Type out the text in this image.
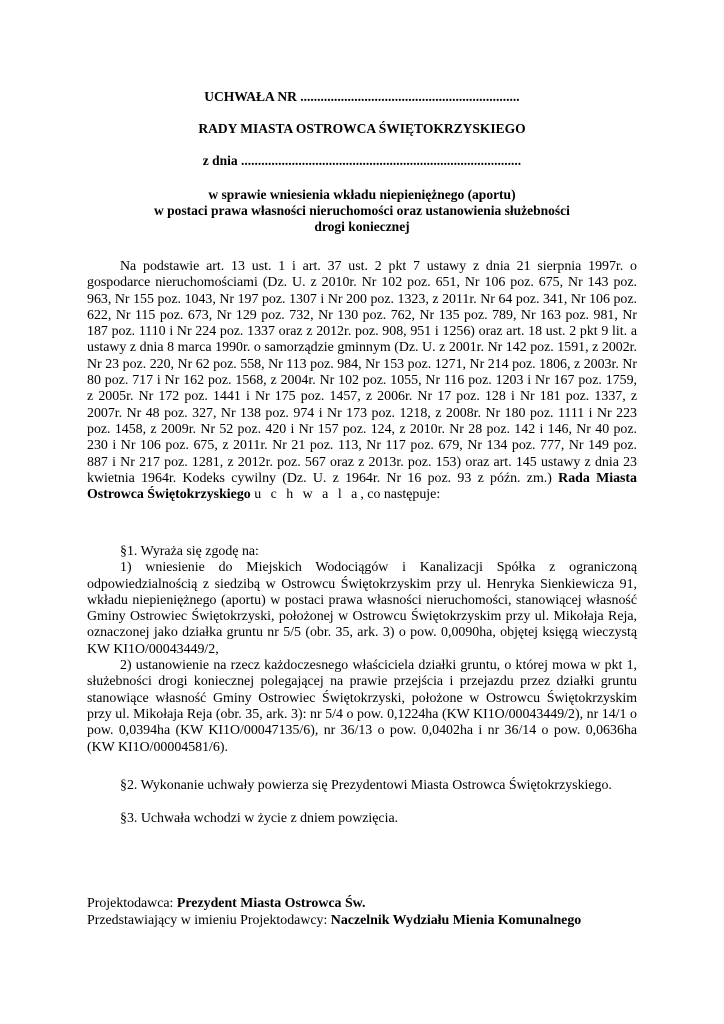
UCHWAŁA NR .................................................................
RADY MIASTA OSTROWCA ŚWIĘTOKRZYSKIEGO
z dnia ...................................................................................
w sprawie wniesienia wkładu niepieniężnego (aportu)
w postaci prawa własności nieruchomości oraz ustanowienia służebności
drogi koniecznej

Na podstawie art. 13 ust. 1 i art. 37 ust. 2 pkt 7 ustawy z dnia 21 sierpnia 1997r. o gospodarce nieruchomościami (Dz. U. z 2010r. Nr 102 poz. 651, Nr 106 poz. 675, Nr 143 poz. 963, Nr 155 poz. 1043, Nr 197 poz. 1307 i Nr 200 poz. 1323, z 2011r. Nr 64 poz. 341, Nr 106 poz. 622, Nr 115 poz. 673, Nr 129 poz. 732, Nr 130 poz. 762, Nr 135 poz. 789, Nr 163 poz. 981, Nr 187 poz. 1110 i Nr 224 poz. 1337 oraz z 2012r. poz. 908, 951 i 1256) oraz art. 18 ust. 2 pkt 9 lit. a ustawy z dnia 8 marca 1990r. o samorządzie gminnym (Dz. U. z 2001r. Nr 142 poz. 1591, z 2002r. Nr 23 poz. 220, Nr 62 poz. 558, Nr 113 poz. 984, Nr 153 poz. 1271, Nr 214 poz. 1806, z 2003r. Nr 80 poz. 717 i Nr 162 poz. 1568, z 2004r. Nr 102 poz. 1055, Nr 116 poz. 1203 i Nr 167 poz. 1759, z 2005r. Nr 172 poz. 1441 i Nr 175 poz. 1457, z 2006r. Nr 17 poz. 128 i Nr 181 poz. 1337, z 2007r. Nr 48 poz. 327, Nr 138 poz. 974 i Nr 173 poz. 1218, z 2008r. Nr 180 poz. 1111 i Nr 223 poz. 1458, z 2009r. Nr 52 poz. 420 i Nr 157 poz. 124, z 2010r. Nr 28 poz. 142 i 146, Nr 40 poz. 230 i Nr 106 poz. 675, z 2011r. Nr 21 poz. 113, Nr 117 poz. 679, Nr 134 poz. 777, Nr 149 poz. 887 i Nr 217 poz. 1281, z 2012r. poz. 567 oraz z 2013r. poz. 153) oraz art. 145 ustawy z dnia 23 kwietnia 1964r. Kodeks cywilny (Dz. U. z 1964r. Nr 16 poz. 93 z późn. zm.) Rada Miasta Ostrowca Świętokrzyskiego u c h w a l a, co następuje:

§1. Wyraża się zgodę na:

1) wniesienie do Miejskich Wodociągów i Kanalizacji Spółka z ograniczoną odpowiedzialnością z siedzibą w Ostrowcu Świętokrzyskim przy ul. Henryka Sienkiewicza 91, wkładu niepieniężnego (aportu) w postaci prawa własności nieruchomości, stanowiącej własność Gminy Ostrowiec Świętokrzyski, położonej w Ostrowcu Świętokrzyskim przy ul. Mikołaja Reja, oznaczonej jako działka gruntu nr 5/5 (obr. 35, ark. 3) o pow. 0,0090ha, objętej księgą wieczystą KW KI1O/00043449/2,

2) ustanowienie na rzecz każdoczesnego właściciela działki gruntu, o której mowa w pkt 1, służebności drogi koniecznej polegającej na prawie przejścia i przejazdu przez działki gruntu stanowiące własność Gminy Ostrowiec Świętokrzyski, położone w Ostrowcu Świętokrzyskim przy ul. Mikołaja Reja (obr. 35, ark. 3): nr 5/4 o pow. 0,1224ha (KW KI1O/00043449/2), nr 14/1 o pow. 0,0394ha (KW KI1O/00047135/6), nr 36/13 o pow. 0,0402ha i nr 36/14 o pow. 0,0636ha (KW KI1O/00004581/6).

§2. Wykonanie uchwały powierza się Prezydentowi Miasta Ostrowca Świętokrzyskiego.

§3. Uchwała wchodzi w życie z dniem powzięcia.

Projektodawca: Prezydent Miasta Ostrowca Św.
Przedstawiający w imieniu Projektodawcy: Naczelnik Wydziału Mienia Komunalnego
